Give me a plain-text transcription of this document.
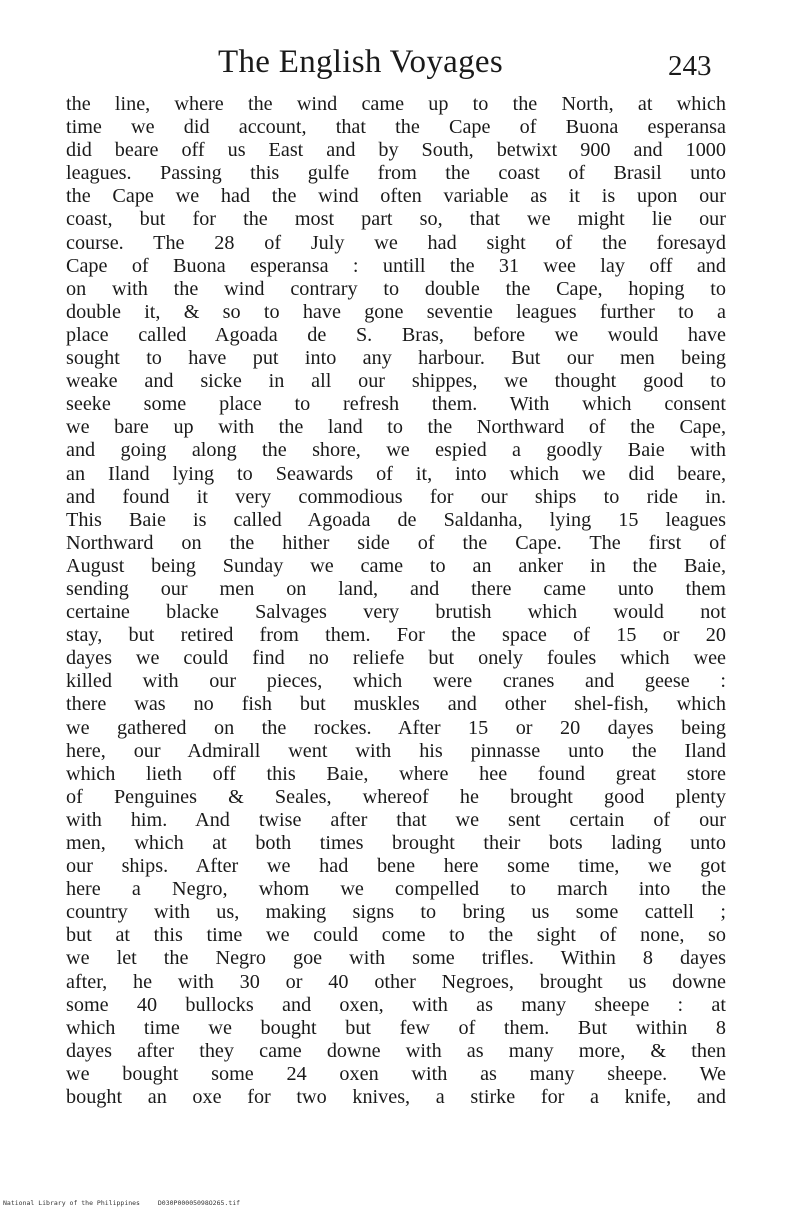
The English Voyages	243
the line, where the wind came up to the North, at which
time we did account, that the Cape of Buona esperansa
did beare off us East and by South, betwixt 900 and 1000
leagues. Passing this gulfe from the coast of Brasil unto
the Cape we had the wind often variable as it is upon our
coast, but for the most part so, that we might lie our
course. The 28 of July we had sight of the foresayd
Cape of Buona esperansa : untill the 31 wee lay off and
on with the wind contrary to double the Cape, hoping to
double it, & so to have gone seventie leagues further to a
place called Agoada de S. Bras, before we would have
sought to have put into any harbour. But our men being
weake and sicke in all our shippes, we thought good to
seeke some place to refresh them. With which consent
we bare up with the land to the Northward of the Cape,
and going along the shore, we espied a goodly Baie with
an Iland lying to Seawards of it, into which we did beare,
and found it very commodious for our ships to ride in.
This Baie is called Agoada de Saldanha, lying 15 leagues
Northward on the hither side of the Cape. The first of
August being Sunday we came to an anker in the Baie,
sending our men on land, and there came unto them
certaine blacke Salvages very brutish which would not
stay, but retired from them. For the space of 15 or 20
dayes we could find no reliefe but onely foules which wee
killed with our pieces, which were cranes and geese :
there was no fish but muskles and other shel-fish, which
we gathered on the rockes. After 15 or 20 dayes being
here, our Admirall went with his pinnasse unto the Iland
which lieth off this Baie, where hee found great store
of Penguines & Seales, whereof he brought good plenty
with him. And twise after that we sent certain of our
men, which at both times brought their bots lading unto
our ships. After we had bene here some time, we got
here a Negro, whom we compelled to march into the
country with us, making signs to bring us some cattell ;
but at this time we could come to the sight of none, so
we let the Negro goe with some trifles. Within 8 dayes
after, he with 30 or 40 other Negroes, brought us downe
some 40 bullocks and oxen, with as many sheepe : at
which time we bought but few of them. But within 8
dayes after they came downe with as many more, & then
we bought some 24 oxen with as many sheepe. We
bought an oxe for two knives, a stirke for a knife, and
National Library of the Philippines	D030P00005098O265.tif
